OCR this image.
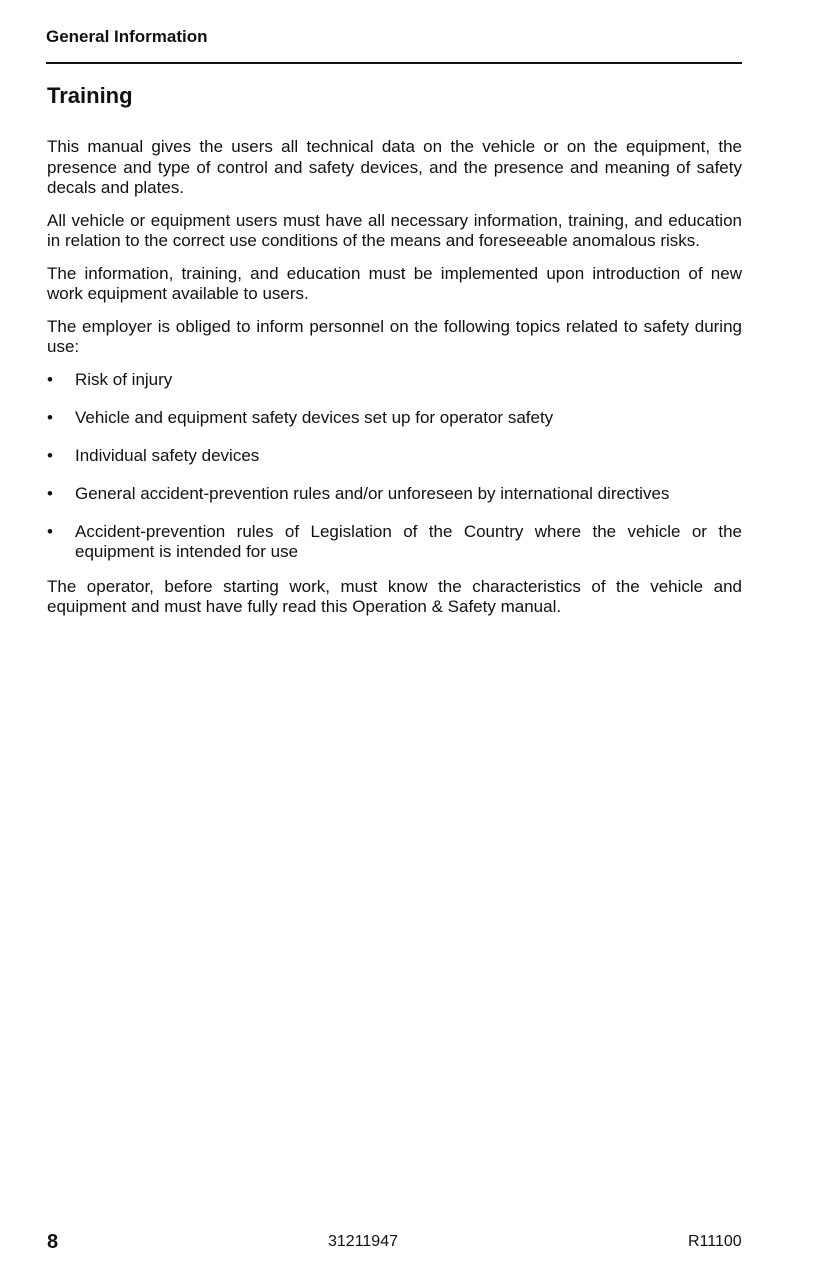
General Information
Training

This manual gives the users all technical data on the vehicle or on the equipment, the presence and type of control and safety devices, and the presence and meaning of safety decals and plates.

All vehicle or equipment users must have all necessary information, training, and education in relation to the correct use conditions of the means and foreseeable anomalous risks.

The information, training, and education must be implemented upon introduction of new work equipment available to users.

The employer is obliged to inform personnel on the following topics related to safety during use:

• Risk of injury
• Vehicle and equipment safety devices set up for operator safety
• Individual safety devices
• General accident-prevention rules and/or unforeseen by international directives
• Accident-prevention rules of Legislation of the Country where the vehicle or the equipment is intended for use

The operator, before starting work, must know the characteristics of the vehicle and equipment and must have fully read this Operation & Safety manual.

8	31211947	R11100
